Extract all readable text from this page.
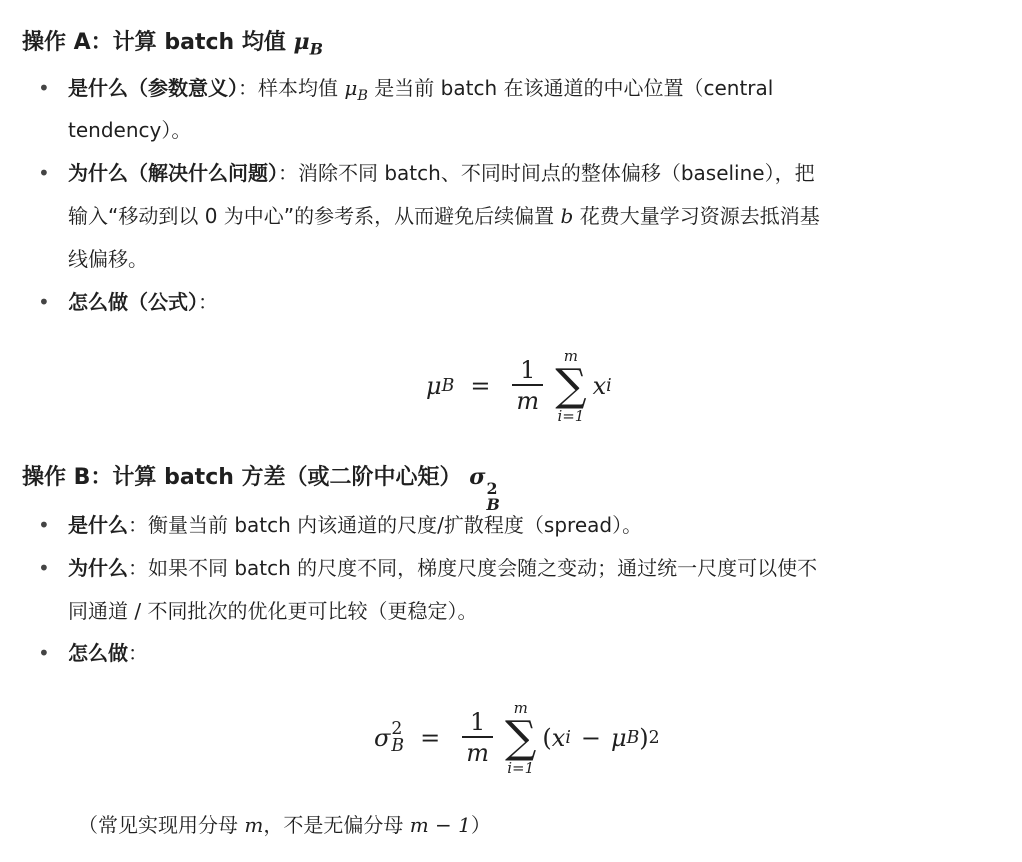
操作 A：计算 batch 均值 $\mu_B$
• 是什么（参数意义）：样本均值 $\mu_B$ 是当前 batch 在该通道的中心位置（central
tendency）。
• 为什么（解决什么问题）：消除不同 batch、不同时间点的整体偏移（baseline），把
输入“移动到以 0 为中心”的参考系，从而避免后续偏置 b 花费大量学习资源去抵消基
线偏移。
• 怎么做（公式）：
μ $B = \frac{1}{m}$
m
∑
i=1
x i
操作 B：计算 batch 方差（或二阶中心矩） σ 2
B
• 是什么：衡量当前 batch 内该通道的尺度/扩散程度（spread）。
• 为什么：如果不同 batch 的尺度不同，梯度尺度会随之变动；通过统一尺度可以使不
同通道 / 不同批次的优化更可比较（更稳定）。
• 怎么做：
σ 2
$B = \frac{1}{m}$
m
∑
i=1
( x i − μ B ) 2
（常见实现用分母 m，不是无偏分母 m − 1）
